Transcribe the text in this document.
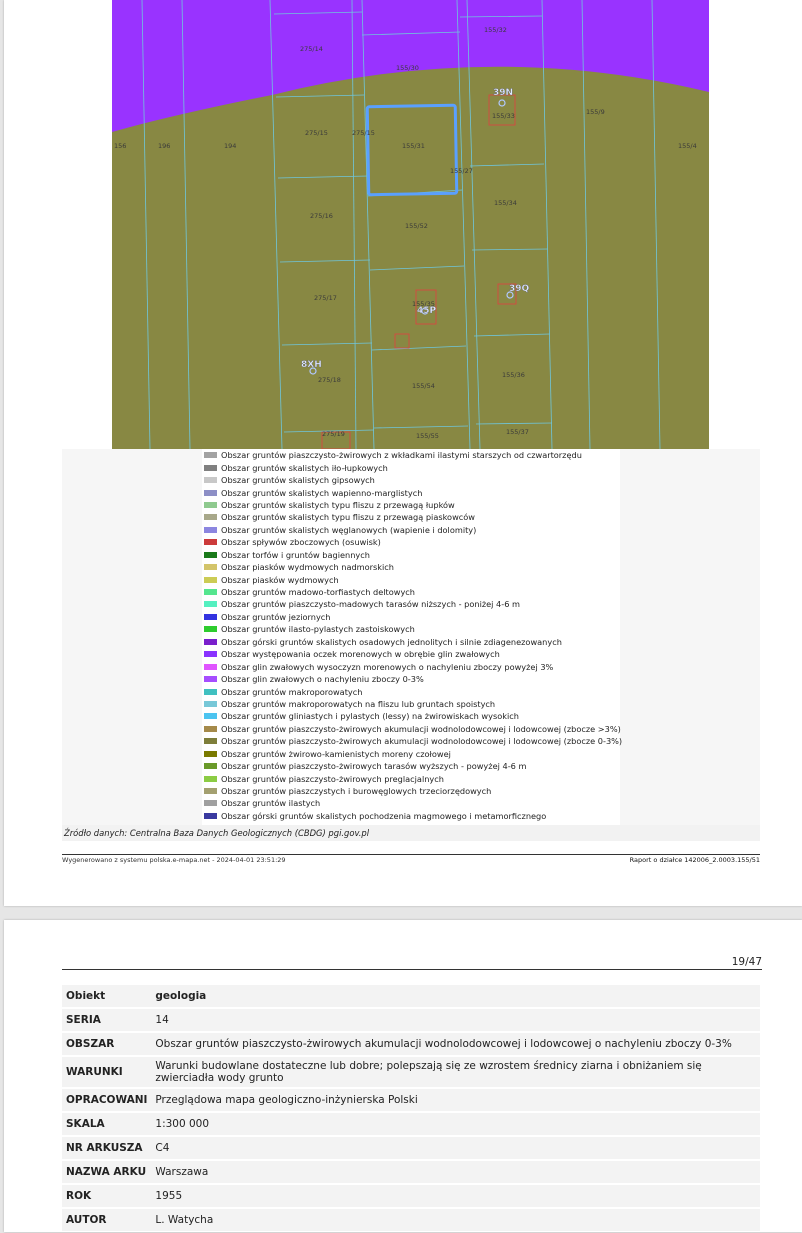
155/32
275/14
155/30
155/33	155/9
275/15	275/15
155/31
156	196	194	155/4
155/27
275/16
155/34
155/52
275/17
155/35
275/18
155/54
155/36
275/19	155/55	155/37
39N
39Q
45P
8XH
Obszar gruntów piaszczysto-żwirowych z wkładkami ilastymi starszych od czwartorzędu
Obszar gruntów skalistych iło-łupkowych
Obszar gruntów skalistych gipsowych
Obszar gruntów skalistych wapienno-marglistych
Obszar gruntów skalistych typu fliszu z przewagą łupków
Obszar gruntów skalistych typu fliszu z przewagą piaskowców
Obszar gruntów skalistych węglanowych (wapienie i dolomity)
Obszar spływów zboczowych (osuwisk)
Obszar torfów i gruntów bagiennych
Obszar piasków wydmowych nadmorskich
Obszar piasków wydmowych
Obszar gruntów madowo-torfiastych deltowych
Obszar gruntów piaszczysto-madowych tarasów niższych - poniżej 4-6 m
Obszar gruntów jeziornych
Obszar gruntów ilasto-pylastych zastoiskowych
Obszar górski gruntów skalistych osadowych jednolitych i silnie zdiagenezowanych
Obszar występowania oczek morenowych w obrębie glin zwałowych
Obszar glin zwałowych wysoczyzn morenowych o nachyleniu zboczy powyżej 3%
Obszar glin zwałowych o nachyleniu zboczy 0-3%
Obszar gruntów makroporowatych
Obszar gruntów makroporowatych na fliszu lub gruntach spoistych
Obszar gruntów gliniastych i pylastych (lessy) na żwirowiskach wysokich
Obszar gruntów piaszczysto-żwirowych akumulacji wodnolodowcowej i lodowcowej (zbocze >3%)
Obszar gruntów piaszczysto-żwirowych akumulacji wodnolodowcowej i lodowcowej (zbocze 0-3%)
Obszar gruntów żwirowo-kamienistych moreny czołowej
Obszar gruntów piaszczysto-żwirowych tarasów wyższych - powyżej 4-6 m
Obszar gruntów piaszczysto-żwirowych preglacjalnych
Obszar gruntów piaszczystych i burowęglowych trzeciorzędowych
Obszar gruntów ilastych
Obszar górski gruntów skalistych pochodzenia magmowego i metamorficznego
Źródło danych: Centralna Baza Danych Geologicznych (CBDG) pgi.gov.pl
Wygenerowano z systemu polska.e-mapa.net - 2024-04-01 23:51:29	Raport o działce 142006_2.0003.155/51
19/47
Obiekt	geologia
SERIA	14
OBSZAR	Obszar gruntów piaszczysto-żwirowych akumulacji wodnolodowcowej i lodowcowej o nachyleniu zboczy 0-3%
WARUNKI	Warunki budowlane dostateczne lub dobre; polepszają się ze wzrostem średnicy ziarna i obniżaniem się zwierciadła wody grunto
OPRACOWANI	Przeglądowa mapa geologiczno-inżynierska Polski
SKALA	1:300 000
NR ARKUSZA	C4
NAZWA ARKU	Warszawa
ROK	1955
AUTOR	L. Watycha
